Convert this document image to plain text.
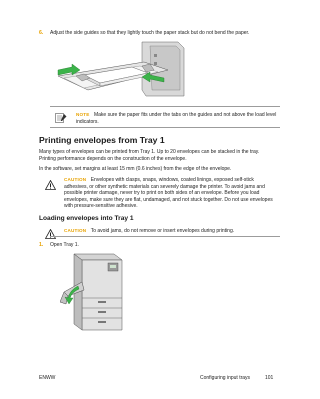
6. Adjust the side guides so that they lightly touch the paper stack but do not bend the paper.
NOTE Make sure the paper fits under the tabs on the guides and not above the load level
indicators.
Printing envelopes from Tray 1
Many types of envelopes can be printed from Tray 1. Up to 20 envelopes can be stacked in the tray.
Printing performance depends on the construction of the envelope.
In the software, set margins at least 15 mm (0.6 inches) from the edge of the envelope.
CAUTION Envelopes with clasps, snaps, windows, coated linings, exposed self-stick
adhesives, or other synthetic materials can severely damage the printer. To avoid jams and
possible printer damage, never try to print on both sides of an envelope. Before you load
envelopes, make sure they are flat, undamaged, and not stuck together. Do not use envelopes
with pressure-sensitive adhesive.
Loading envelopes into Tray 1
CAUTION To avoid jams, do not remove or insert envelopes during printing.
1. Open Tray 1.
ENWW	Configuring input trays	101
